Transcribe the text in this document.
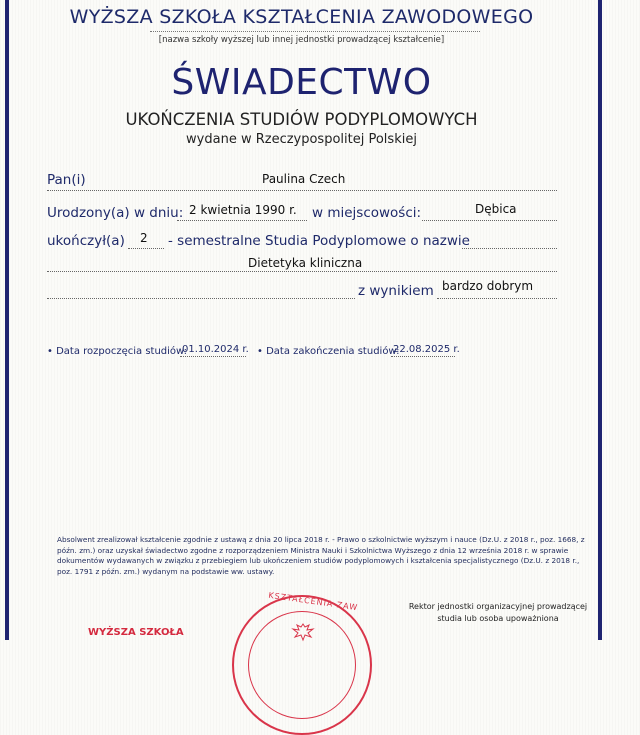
WYŻSZA SZKOŁA KSZTAŁCENIA ZAWODOWEGO
[nazwa szkoły wyższej lub innej jednostki prowadzącej kształcenie]
ŚWIADECTWO
UKOŃCZENIA STUDIÓW PODYPLOMOWYCH
wydane w Rzeczypospolitej Polskiej
Pan(i)	Paulina Czech
Urodzony(a) w dniu: 2 kwietnia 1990 r. w miejscowości:	Dębica
ukończył(a) 2 - semestralne Studia Podyplomowe o nazwie
Dietetyka kliniczna
z wynikiem bardzo dobrym
• Data rozpoczęcia studiów:
01.10.2024 r. • Data zakończenia studiów:
22.08.2025 r.
Absolwent zrealizował kształcenie zgodnie z ustawą z dnia 20 lipca 2018 r. - Prawo o szkolnictwie wyższym i nauce (Dz.U. z 2018 r., poz. 1668, z późn. zm.) oraz uzyskał świadectwo zgodne z rozporządzeniem Ministra Nauki i Szkolnictwa Wyższego z dnia 12 września 2018 r. w sprawie dokumentów wydawanych w związku z przebiegiem lub ukończeniem studiów podyplomowych i kształcenia specjalistycznego (Dz.U. z 2018 r., poz. 1791 z późn. zm.) wydanym na podstawie ww. ustawy.
Rektor jednostki organizacyjnej prowadzącej
studia lub osoba upoważniona
WYŻSZA SZKOŁA
KSZTAŁCENIA ZAW
